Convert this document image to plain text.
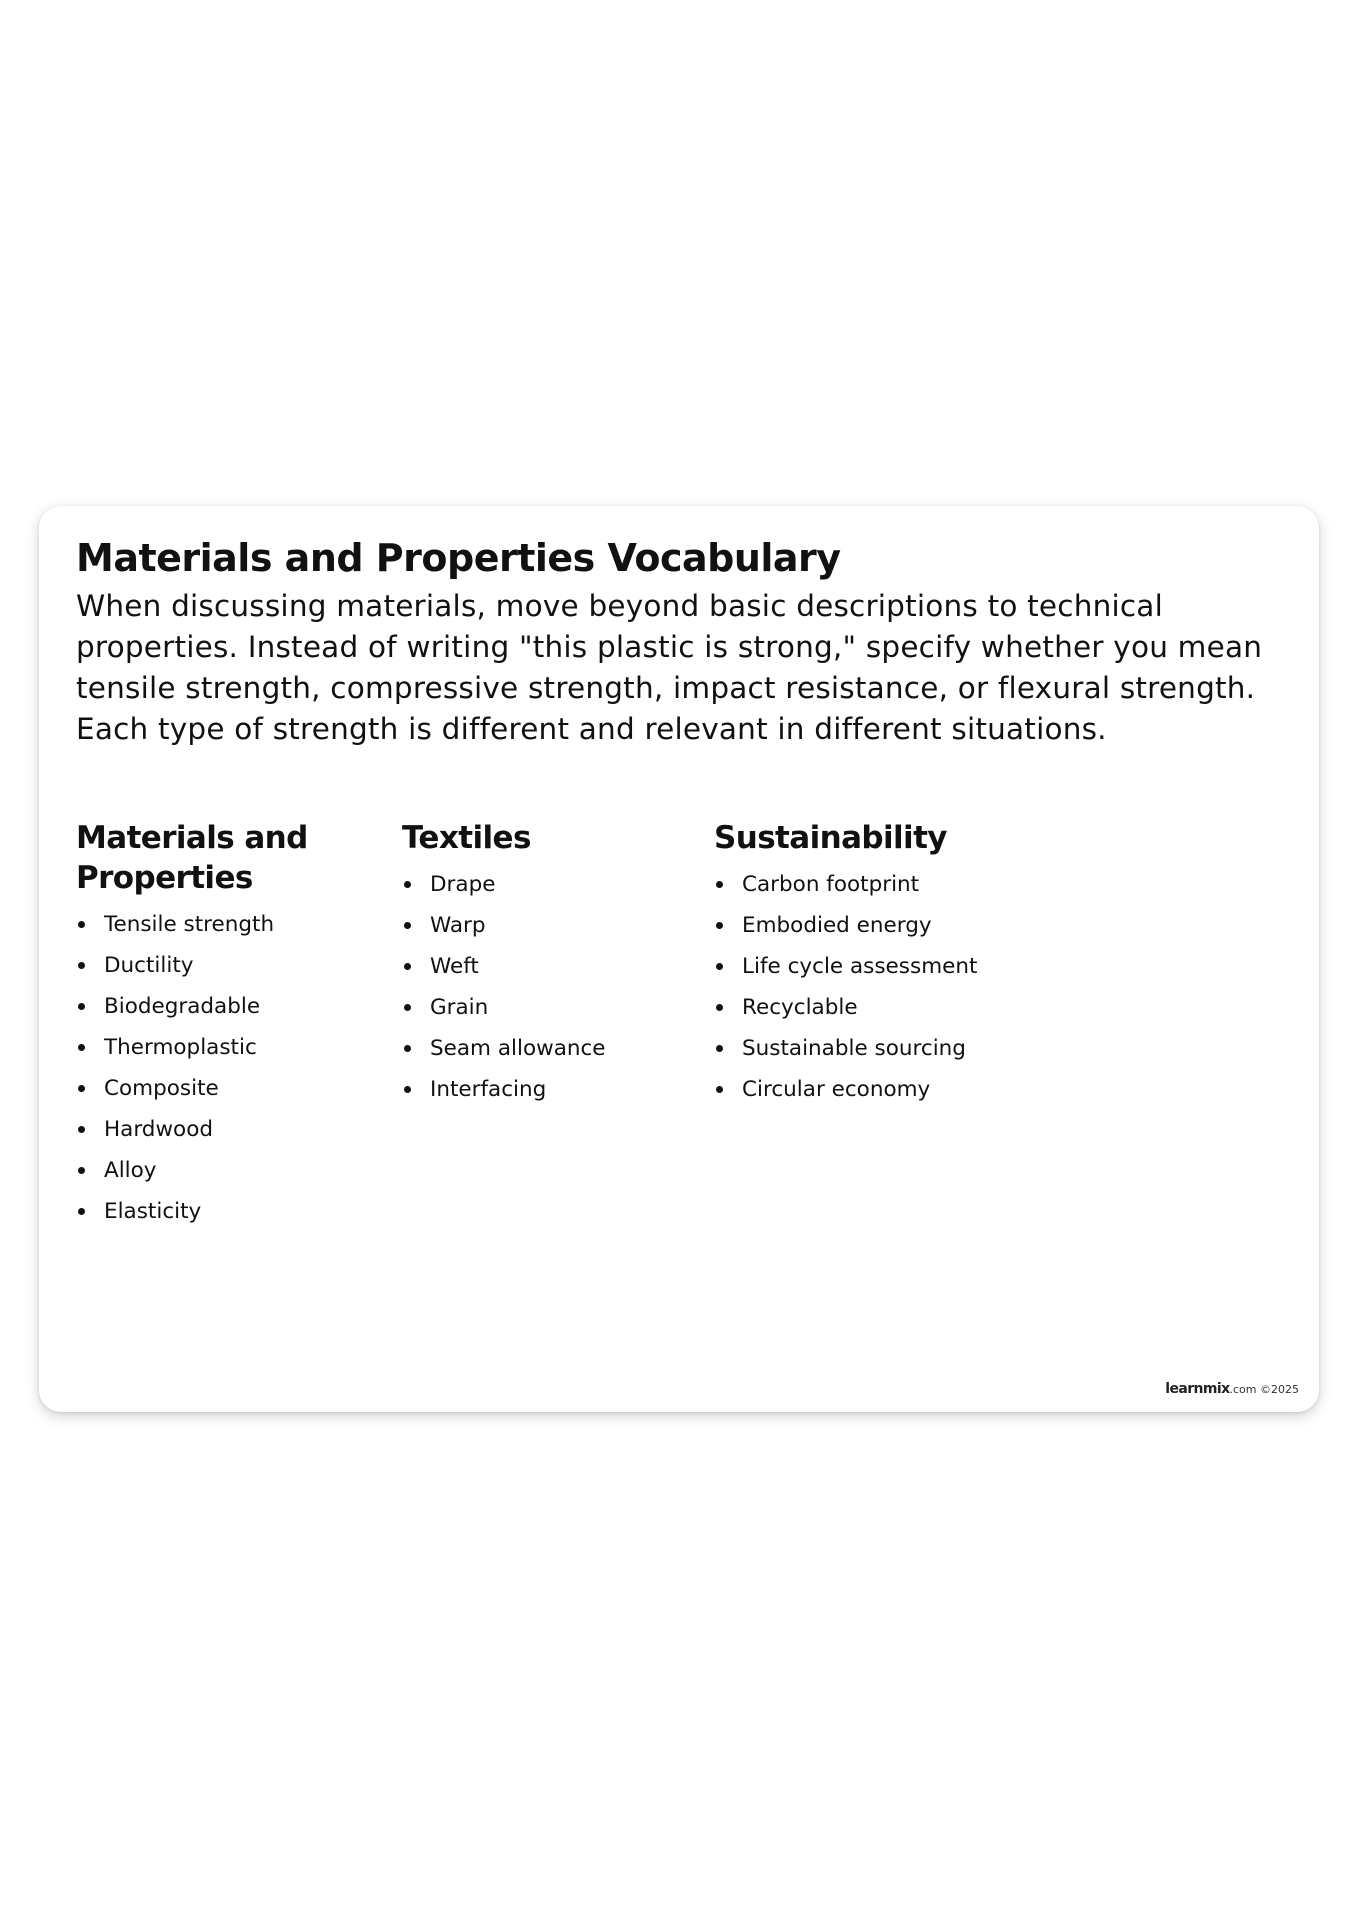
Materials and Properties Vocabulary

When discussing materials, move beyond basic descriptions to technical properties. Instead of writing "this plastic is strong," specify whether you mean tensile strength, compressive strength, impact resistance, or flexural strength. Each type of strength is different and relevant in different situations.

Materials and Properties
Tensile strength
Ductility
Biodegradable
Thermoplastic
Composite
Hardwood
Alloy
Elasticity
Textiles
Drape
Warp
Weft
Grain
Seam allowance
Interfacing
Sustainability
Carbon footprint
Embodied energy
Life cycle assessment
Recyclable
Sustainable sourcing
Circular economy
learnmix.com ©2025
